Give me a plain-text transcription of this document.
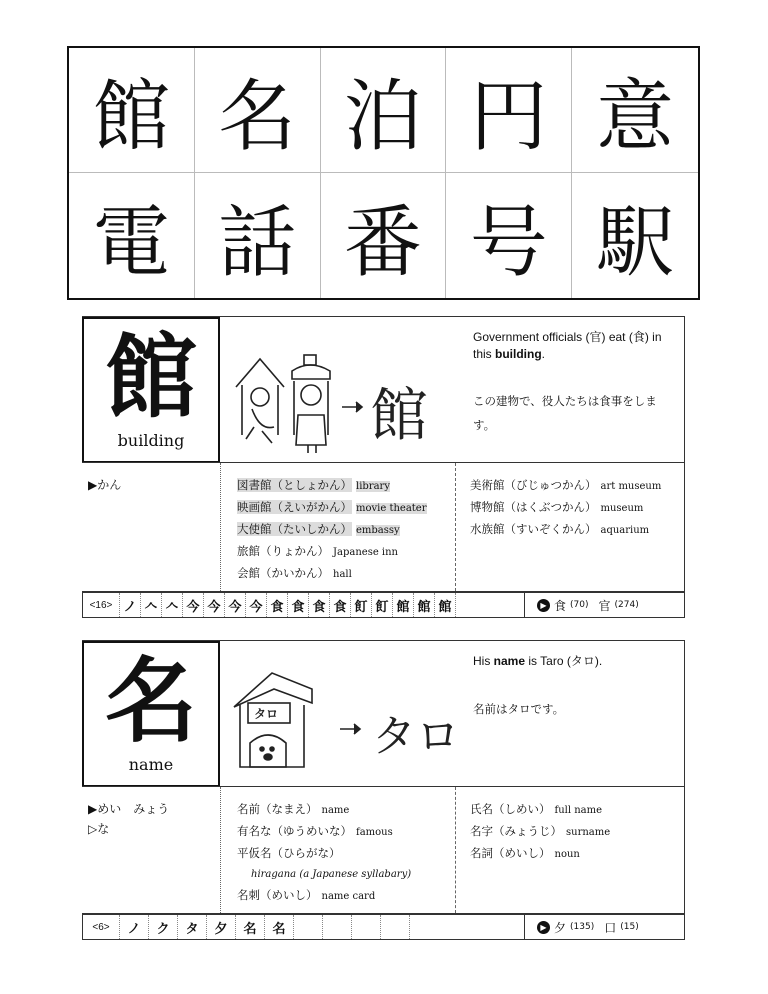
館 名 泊 円 意
電 話 番 号 駅
館
building	館
Government officials (官) eat (食) in this building.
この建物で、役人たちは食事をします。
▶かん	図書館（としょかん） library
映画館（えいがかん） movie theater
大使館（たいしかん） embassy
旅館（りょかん） Japanese inn
会館（かいかん） hall
美術館（びじゅつかん） art museum
博物館（はくぶつかん） museum
水族館（すいぞくかん） aquarium
<16> ノ 𠆢 𠆢 今 今 今 今 食 食 食 食 飣 飣 館 館 館	▶ 食 (70) 官 (274)
名
name
タロ タロ
His name is Taro (タロ).
名前はタロです。
▶めい　みょう
▷な
名前（なまえ） name
有名な（ゆうめいな） famous
平仮名（ひらがな）
hiragana (a Japanese syllabary)
名刺（めいし） name card
氏名（しめい） full name
名字（みょうじ） surname
名詞（めいし） noun
<6>	ノ	ク	タ	夕	名	名	▶ 夕 (135) 口 (15)
